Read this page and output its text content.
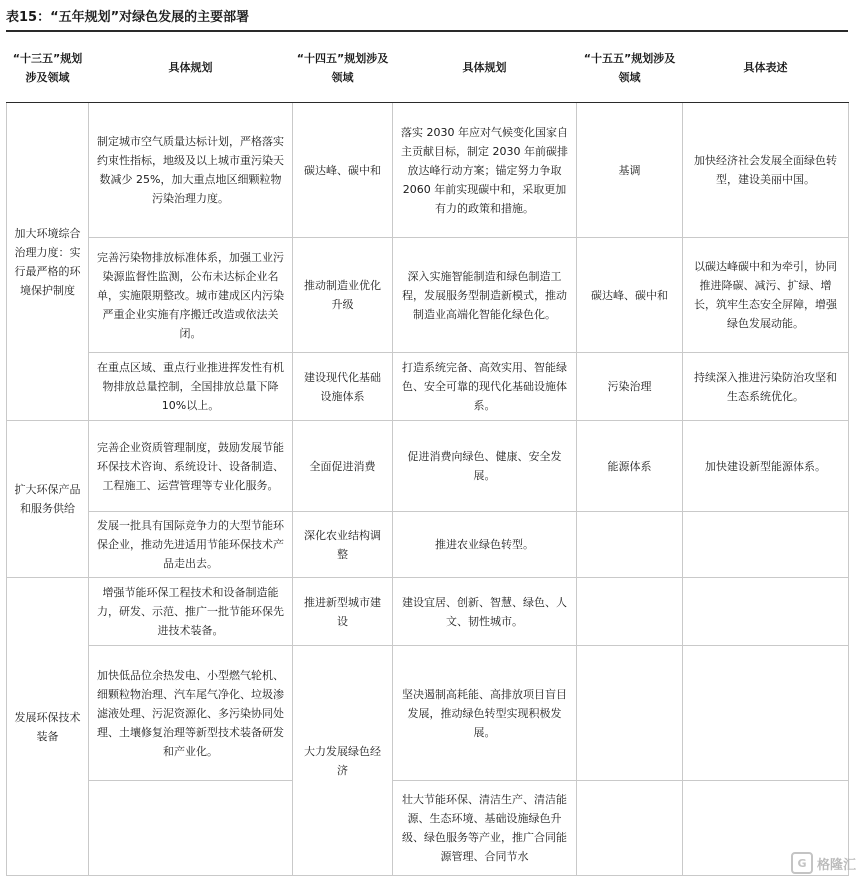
表15：“五年规划”对绿色发展的主要部署
“十三五”规划涉及领域	具体规划	“十四五”规划涉及领域	具体规划	“十五五”规划涉及领域	具体表述
加大环境综合治理力度：实行最严格的环境保护制度	制定城市空气质量达标计划，严格落实约束性指标，地级及以上城市重污染天数减少 25%，加大重点地区细颗粒物污染治理力度。	碳达峰、碳中和	落实 2030 年应对气候变化国家自主贡献目标，制定 2030 年前碳排放达峰行动方案；锚定努力争取 2060 年前实现碳中和，采取更加有力的政策和措施。	基调	加快经济社会发展全面绿色转型，建设美丽中国。
	完善污染物排放标准体系，加强工业污染源监督性监测，公布未达标企业名单，实施限期整改。城市建成区内污染严重企业实施有序搬迁改造或依法关闭。	推动制造业优化升级	深入实施智能制造和绿色制造工程，发展服务型制造新模式，推动制造业高端化智能化绿色化。	碳达峰、碳中和	以碳达峰碳中和为牵引，协同推进降碳、减污、扩绿、增长，筑牢生态安全屏障，增强绿色发展动能。
	在重点区域、重点行业推进挥发性有机物排放总量控制，全国排放总量下降 10%以上。	建设现代化基础设施体系	打造系统完备、高效实用、智能绿色、安全可靠的现代化基础设施体系。	污染治理	持续深入推进污染防治攻坚和生态系统优化。
扩大环保产品和服务供给	完善企业资质管理制度，鼓励发展节能环保技术咨询、系统设计、设备制造、工程施工、运营管理等专业化服务。	全面促进消费	促进消费向绿色、健康、安全发展。	能源体系	加快建设新型能源体系。
	发展一批具有国际竞争力的大型节能环保企业，推动先进适用节能环保技术产品走出去。	深化农业结构调整	推进农业绿色转型。		
发展环保技术装备	增强节能环保工程技术和设备制造能力，研发、示范、推广一批节能环保先进技术装备。	推进新型城市建设	建设宜居、创新、智慧、绿色、人文、韧性城市。		
	加快低品位余热发电、小型燃气轮机、细颗粒物治理、汽车尾气净化、垃圾渗滤液处理、污泥资源化、多污染协同处理、土壤修复治理等新型技术装备研发和产业化。	大力发展绿色经济	坚决遏制高耗能、高排放项目盲目发展，推动绿色转型实现积极发展。		
			壮大节能环保、清洁生产、清洁能源、生态环境、基础设施绿色升级、绿色服务等产业，推广合同能源管理、合同节水			G 格隆汇
